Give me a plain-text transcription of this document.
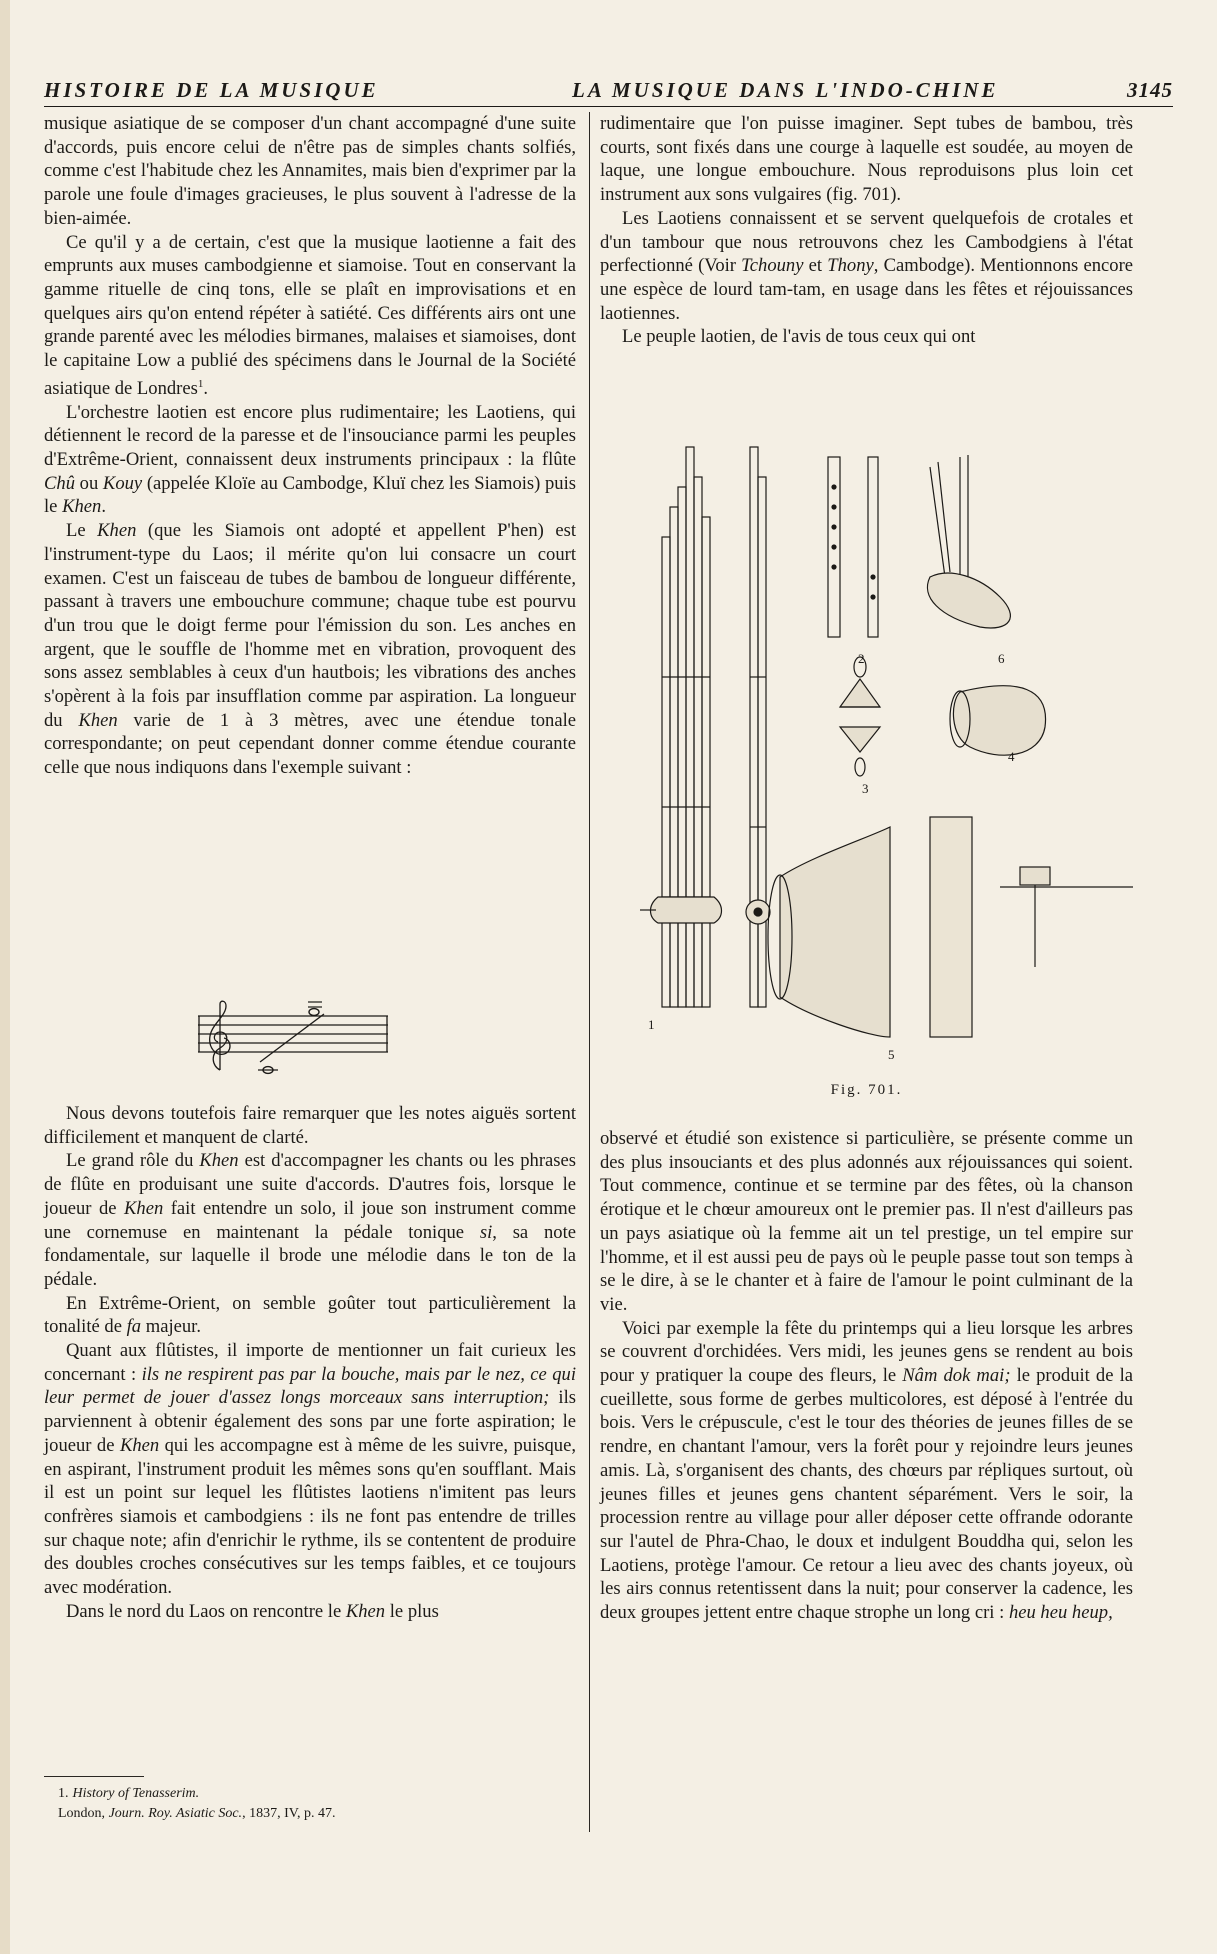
HISTOIRE DE LA MUSIQUE	LA MUSIQUE DANS L'INDO-CHINE	3145

musique asiatique de se composer d'un chant accompagné d'une suite d'accords, puis encore celui de n'être pas de simples chants solfiés, comme c'est l'habitude chez les Annamites, mais bien d'exprimer par la parole une foule d'images gracieuses, le plus souvent à l'adresse de la bien-aimée.

Ce qu'il y a de certain, c'est que la musique laotienne a fait des emprunts aux muses cambodgienne et siamoise. Tout en conservant la gamme rituelle de cinq tons, elle se plaît en improvisations et en quelques airs qu'on entend répéter à satiété. Ces différents airs ont une grande parenté avec les mélodies birmanes, malaises et siamoises, dont le capitaine Low a publié des spécimens dans le Journal de la Société asiatique de Londres$^1$.

L'orchestre laotien est encore plus rudimentaire; les Laotiens, qui détiennent le record de la paresse et de l'insouciance parmi les peuples d'Extrême-Orient, connaissent deux instruments principaux : la flûte Chû ou Kouy (appelée Kloïe au Cambodge, Kluï chez les Siamois) puis le Khen.

Le Khen (que les Siamois ont adopté et appellent P'hen) est l'instrument-type du Laos; il mérite qu'on lui consacre un court examen. C'est un faisceau de tubes de bambou de longueur différente, passant à travers une embouchure commune; chaque tube est pourvu d'un trou que le doigt ferme pour l'émission du son. Les anches en argent, que le souffle de l'homme met en vibration, provoquent des sons assez semblables à ceux d'un hautbois; les vibrations des anches s'opèrent à la fois par insufflation comme par aspiration. La longueur du Khen varie de 1 à 3 mètres, avec une étendue tonale correspondante; on peut cependant donner comme étendue courante celle que nous indiquons dans l'exemple suivant :

Nous devons toutefois faire remarquer que les notes aiguës sortent difficilement et manquent de clarté.

Le grand rôle du Khen est d'accompagner les chants ou les phrases de flûte en produisant une suite d'accords. D'autres fois, lorsque le joueur de Khen fait entendre un solo, il joue son instrument comme une cornemuse en maintenant la pédale tonique si, sa note fondamentale, sur laquelle il brode une mélodie dans le ton de la pédale.

En Extrême-Orient, on semble goûter tout particulièrement la tonalité de fa majeur.

Quant aux flûtistes, il importe de mentionner un fait curieux les concernant : ils ne respirent pas par la bouche, mais par le nez, ce qui leur permet de jouer d'assez longs morceaux sans interruption; ils parviennent à obtenir également des sons par une forte aspiration; le joueur de Khen qui les accompagne est à même de les suivre, puisque, en aspirant, l'instrument produit les mêmes sons qu'en soufflant. Mais il est un point sur lequel les flûtistes laotiens n'imitent pas leurs confrères siamois et cambodgiens : ils ne font pas entendre de trilles sur chaque note; afin d'enrichir le rythme, ils se contentent de produire des doubles croches consécutives sur les temps faibles, et ce toujours avec modération.

Dans le nord du Laos on rencontre le Khen le plus

1. History of Tenasserim.
London, Journ. Roy. Asiatic Soc., 1837, IV, p. 47.

rudimentaire que l'on puisse imaginer. Sept tubes de bambou, très courts, sont fixés dans une courge à laquelle est soudée, au moyen de laque, une longue embouchure. Nous reproduisons plus loin cet instrument aux sons vulgaires (fig. 701).

Les Laotiens connaissent et se servent quelquefois de crotales et d'un tambour que nous retrouvons chez les Cambodgiens à l'état perfectionné (Voir Tchouny et Thony, Cambodge). Mentionnons encore une espèce de lourd tam-tam, en usage dans les fêtes et réjouissances laotiennes.

Le peuple laotien, de l'avis de tous ceux qui ont

1
2
3
4
5
6
Fig. 701.

observé et étudié son existence si particulière, se présente comme un des plus insouciants et des plus adonnés aux réjouissances qui soient. Tout commence, continue et se termine par des fêtes, où la chanson érotique et le chœur amoureux ont le premier pas. Il n'est d'ailleurs pas un pays asiatique où la femme ait un tel prestige, un tel empire sur l'homme, et il est aussi peu de pays où le peuple passe tout son temps à se le dire, à se le chanter et à faire de l'amour le point culminant de la vie.

Voici par exemple la fête du printemps qui a lieu lorsque les arbres se couvrent d'orchidées. Vers midi, les jeunes gens se rendent au bois pour y pratiquer la coupe des fleurs, le Nâm dok mai; le produit de la cueillette, sous forme de gerbes multicolores, est déposé à l'entrée du bois. Vers le crépuscule, c'est le tour des théories de jeunes filles de se rendre, en chantant l'amour, vers la forêt pour y rejoindre leurs jeunes amis. Là, s'organisent des chants, des chœurs par répliques surtout, où jeunes filles et jeunes gens chantent séparément. Vers le soir, la procession rentre au village pour aller déposer cette offrande odorante sur l'autel de Phra-Chao, le doux et indulgent Bouddha qui, selon les Laotiens, protège l'amour. Ce retour a lieu avec des chants joyeux, où les airs connus retentissent dans la nuit; pour conserver la cadence, les deux groupes jettent entre chaque strophe un long cri : heu heu heup,
